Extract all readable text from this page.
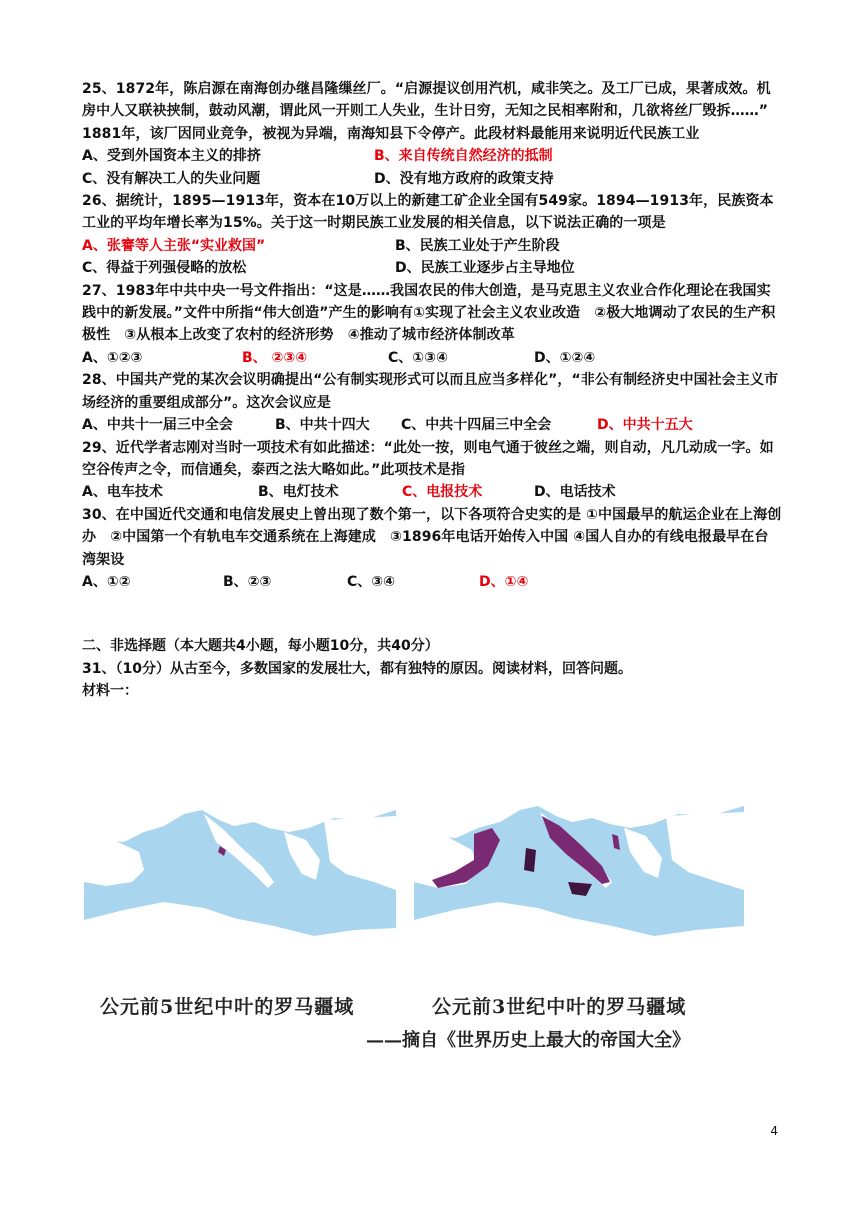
25、1872年，陈启源在南海创办继昌隆缫丝厂。“启源提议创用汽机，咸非笑之。及工厂已成，果著成效。机房中人又联袂挟制，鼓动风潮，谓此风一开则工人失业，生计日穷，无知之民相率附和，几欲将丝厂毁拆……” 1881年，该厂因同业竞争，被视为异端，南海知县下令停产。此段材料最能用来说明近代民族工业

A、受到外国资本主义的排挤	B、来自传统自然经济的抵制
C、没有解决工人的失业问题	D、没有地方政府的政策支持

26、据统计，1895—1913年，资本在10万以上的新建工矿企业全国有549家。1894—1913年，民族资本工业的平均年增长率为15%。关于这一时期民族工业发展的相关信息，以下说法正确的一项是

A、张謇等人主张“实业救国”	B、民族工业处于产生阶段
C、得益于列强侵略的放松	D、民族工业逐步占主导地位

27、1983年中共中央一号文件指出：“这是……我国农民的伟大创造，是马克思主义农业合作化理论在我国实践中的新发展。”文件中所指“伟大创造”产生的影响有①实现了社会主义农业改造　②极大地调动了农民的生产积极性　③从根本上改变了农村的经济形势　④推动了城市经济体制改革

A、①②③	B、 ②③④	C、①③④	D、①②④

28、中国共产党的某次会议明确提出“公有制实现形式可以而且应当多样化”，“非公有制经济史中国社会主义市场经济的重要组成部分”。这次会议应是

A、中共十一届三中全会	B、中共十四大	C、中共十四届三中全会	D、中共十五大

29、近代学者志刚对当时一项技术有如此描述：“此处一按，则电气通于彼丝之端，则自动，凡几动成一字。如空谷传声之令，而信通矣，泰西之法大略如此。”此项技术是指

A、电车技术	B、电灯技术	C、电报技术	D、电话技术

30、在中国近代交通和电信发展史上曾出现了数个第一，以下各项符合史实的是 ①中国最早的航运企业在上海创办　②中国第一个有轨电车交通系统在上海建成　③1896年电话开始传入中国 ④国人自办的有线电报最早在台湾架设

A、①②	B、②③	C、③④	D、①④

二、非选择题（本大题共4小题，每小题10分，共40分）

31、（10分）从古至今，多数国家的发展壮大，都有独特的原因。阅读材料，回答问题。

材料一：

公元前5世纪中叶的罗马疆域	公元前3世纪中叶的罗马疆域
——摘自《世界历史上最大的帝国大全》
4
